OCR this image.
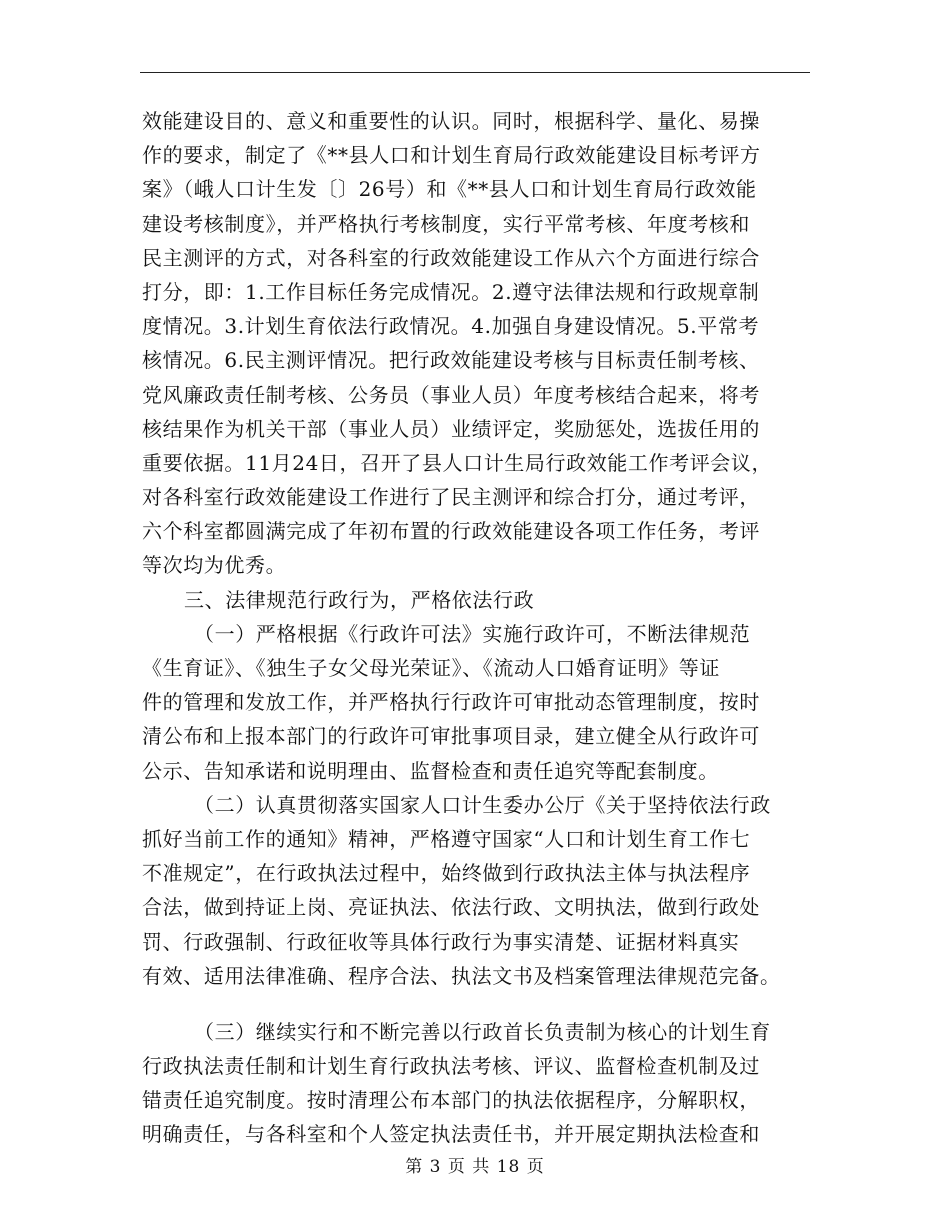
效能建设目的、意义和重要性的认识。同时，根据科学、量化、易操
作的要求，制定了《**县人口和计划生育局行政效能建设目标考评方
案》（峨人口计生发〔〕26号）和《**县人口和计划生育局行政效能
建设考核制度》，并严格执行考核制度，实行平常考核、年度考核和
民主测评的方式，对各科室的行政效能建设工作从六个方面进行综合
打分，即：1.工作目标任务完成情况。2.遵守法律法规和行政规章制
度情况。3.计划生育依法行政情况。4.加强自身建设情况。5.平常考
核情况。6.民主测评情况。把行政效能建设考核与目标责任制考核、
党风廉政责任制考核、公务员（事业人员）年度考核结合起来，将考
核结果作为机关干部（事业人员）业绩评定，奖励惩处，选拔任用的
重要依据。11月24日，召开了县人口计生局行政效能工作考评会议，
对各科室行政效能建设工作进行了民主测评和综合打分，通过考评，
六个科室都圆满完成了年初布置的行政效能建设各项工作任务，考评
等次均为优秀。
三、法律规范行政行为，严格依法行政
（一）严格根据《行政许可法》实施行政许可，不断法律规范
《生育证》、《独生子女父母光荣证》、《流动人口婚育证明》等证
件的管理和发放工作，并严格执行行政许可审批动态管理制度，按时
清公布和上报本部门的行政许可审批事项目录，建立健全从行政许可
公示、告知承诺和说明理由、监督检查和责任追究等配套制度。
（二）认真贯彻落实国家人口计生委办公厅《关于坚持依法行政
抓好当前工作的通知》精神，严格遵守国家“人口和计划生育工作七
不准规定”，在行政执法过程中，始终做到行政执法主体与执法程序
合法，做到持证上岗、亮证执法、依法行政、文明执法，做到行政处
罚、行政强制、行政征收等具体行政行为事实清楚、证据材料真实
有效、适用法律准确、程序合法、执法文书及档案管理法律规范完备。
（三）继续实行和不断完善以行政首长负责制为核心的计划生育
行政执法责任制和计划生育行政执法考核、评议、监督检查机制及过
错责任追究制度。按时清理公布本部门的执法依据程序，分解职权，
明确责任，与各科室和个人签定执法责任书，并开展定期执法检查和
第 3 页 共 18 页
